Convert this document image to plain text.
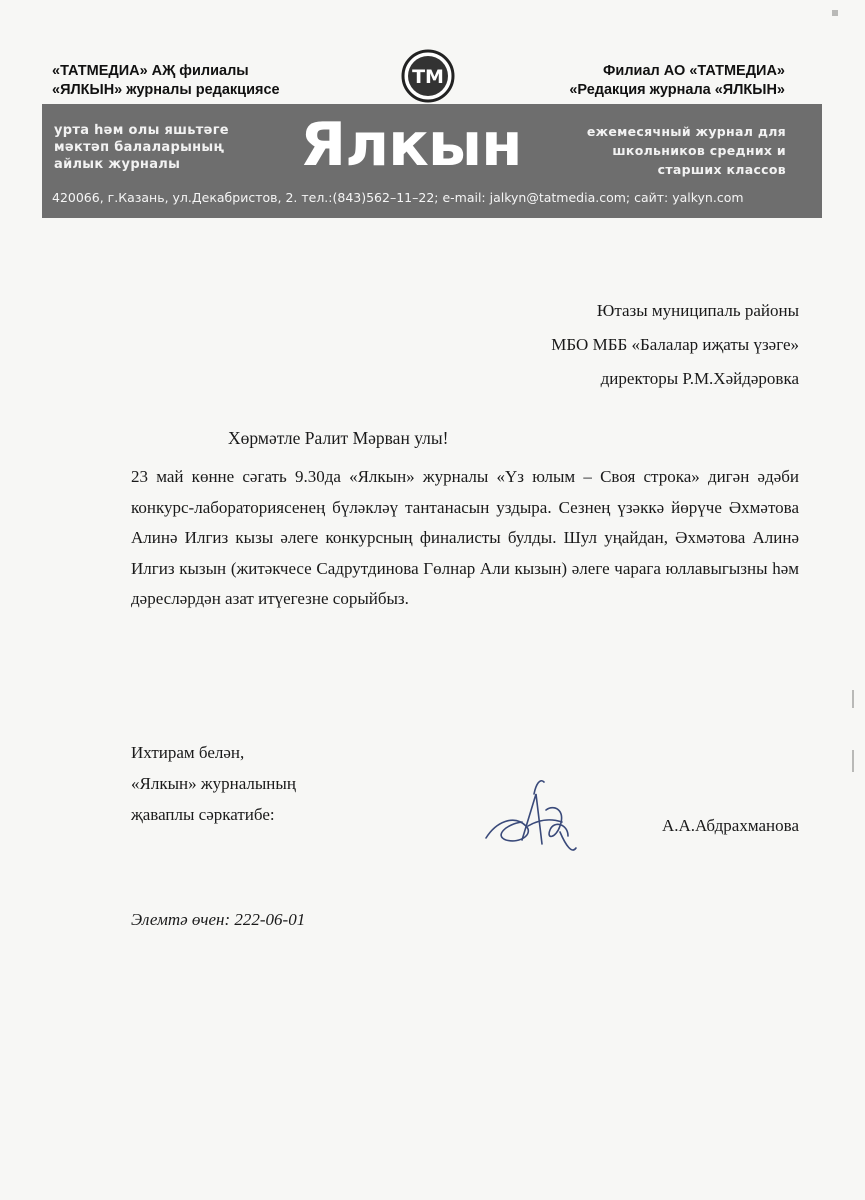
«ТАТМЕДИА» АҖ филиалы
«ЯЛКЫН» журналы редакциясе
ТМ	Филиал АО «ТАТМЕДИА»
«Редакция журнала «ЯЛКЫН»
урта һәм олы яшьтәге
мәктәп балаларының
айлык журналы	Ялкын	ежемесячный журнал для
школьников средних и
старших классов
420066, г.Казань, ул.Декабристов, 2. тел.:(843)562–11–22; e-mail: jalkyn@tatmedia.com; сайт: yalkyn.com
Ютазы муниципаль районы
МБО МББ «Балалар иҗаты үзәге»
директоры Р.М.Хәйдәровка
Хөрмәтле Ралит Мәрван улы!
23 май көнне сәгать 9.30да «Ялкын» журналы «Үз юлым – Своя строка» дигән әдәби конкурс-лабораториясенең бүләкләү тантанасын уздыра. Сезнең үзәккә йөрүче Әхмәтова Алинә Илгиз кызы әлеге конкурсның финалисты булды. Шул уңайдан, Әхмәтова Алинә Илгиз кызын (житәкчесе Садрутдинова Гөлнар Али кызын) әлеге чарага юллавыгызны һәм дәресләрдән азат итүегезне сорыйбыз.
Ихтирам белән,
«Ялкын» журналының
җаваплы сәркатибе:
А.А.Абдрахманова
Элемтә өчен: 222-06-01
